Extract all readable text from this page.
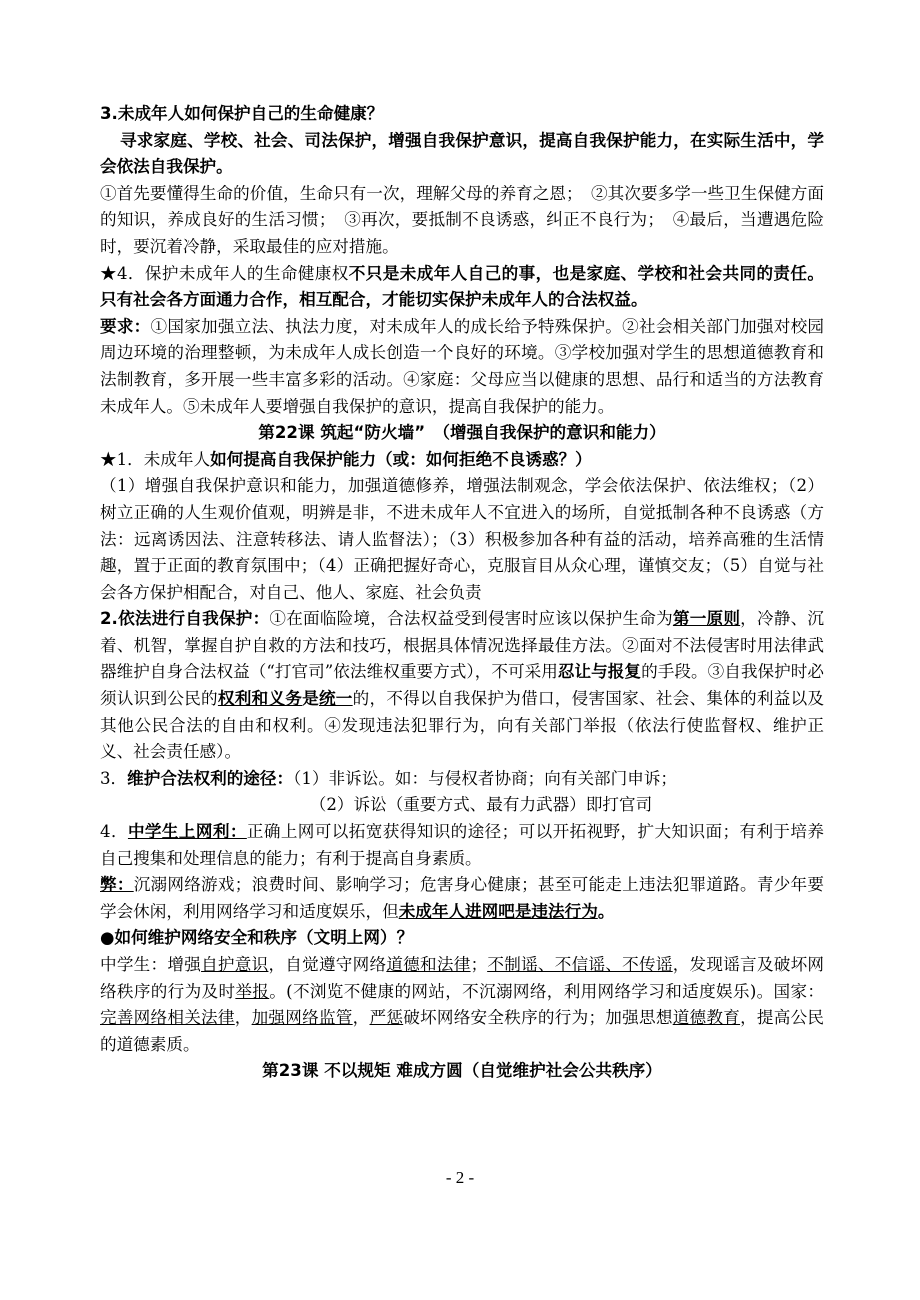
3.未成年人如何保护自己的生命健康？

寻求家庭、学校、社会、司法保护，增强自我保护意识，提高自我保护能力，在实际生活中，学会依法自我保护。

①首先要懂得生命的价值，生命只有一次，理解父母的养育之恩；　②其次要多学一些卫生保健方面的知识，养成良好的生活习惯；　③再次，要抵制不良诱惑，纠正不良行为；　④最后，当遭遇危险时，要沉着冷静，采取最佳的应对措施。

★4．保护未成年人的生命健康权不只是未成年人自己的事，也是家庭、学校和社会共同的责任。只有社会各方面通力合作，相互配合，才能切实保护未成年人的合法权益。

要求：①国家加强立法、执法力度，对未成年人的成长给予特殊保护。②社会相关部门加强对校园周边环境的治理整顿，为未成年人成长创造一个良好的环境。③学校加强对学生的思想道德教育和法制教育，多开展一些丰富多彩的活动。④家庭：父母应当以健康的思想、品行和适当的方法教育未成年人。⑤未成年人要增强自我保护的意识，提高自我保护的能力。

第22课 筑起“防火墙”　（增强自我保护的意识和能力）

★1．未成年人如何提高自我保护能力（或：如何拒绝不良诱惑？）

（1）增强自我保护意识和能力，加强道德修养，增强法制观念，学会依法保护、依法维权；（2）树立正确的人生观价值观，明辨是非，不进未成年人不宜进入的场所，自觉抵制各种不良诱惑（方法：远离诱因法、注意转移法、请人监督法）；（3）积极参加各种有益的活动，培养高雅的生活情趣，置于正面的教育氛围中；（4）正确把握好奇心，克服盲目从众心理，谨慎交友；（5）自觉与社会各方保护相配合，对自己、他人、家庭、社会负责

2.依法进行自我保护：①在面临险境，合法权益受到侵害时应该以保护生命为第一原则，冷静、沉着、机智，掌握自护自救的方法和技巧，根据具体情况选择最佳方法。②面对不法侵害时用法律武器维护自身合法权益（“打官司”依法维权重要方式），不可采用忍让与报复的手段。③自我保护时必须认识到公民的权利和义务是统一的，不得以自我保护为借口，侵害国家、社会、集体的利益以及其他公民合法的自由和权利。④发现违法犯罪行为，向有关部门举报（依法行使监督权、维护正义、社会责任感）。

3．维护合法权利的途径：（1）非诉讼。如：与侵权者协商；向有关部门申诉；

（2）诉讼（重要方式、最有力武器）即打官司

4．中学生上网利：正确上网可以拓宽获得知识的途径；可以开拓视野，扩大知识面；有利于培养自己搜集和处理信息的能力；有利于提高自身素质。

弊：沉溺网络游戏；浪费时间、影响学习；危害身心健康；甚至可能走上违法犯罪道路。青少年要学会休闲，利用网络学习和适度娱乐，但未成年人进网吧是违法行为。

●如何维护网络安全和秩序（文明上网）？

中学生：增强自护意识，自觉遵守网络道德和法律；不制谣、不信谣、不传谣，发现谣言及破坏网络秩序的行为及时举报。(不浏览不健康的网站，不沉溺网络，利用网络学习和适度娱乐)。国家：完善网络相关法律，加强网络监管，严惩破坏网络安全秩序的行为；加强思想道德教育，提高公民的道德素质。

第23课 不以规矩 难成方圆（自觉维护社会公共秩序）

- 2 -
